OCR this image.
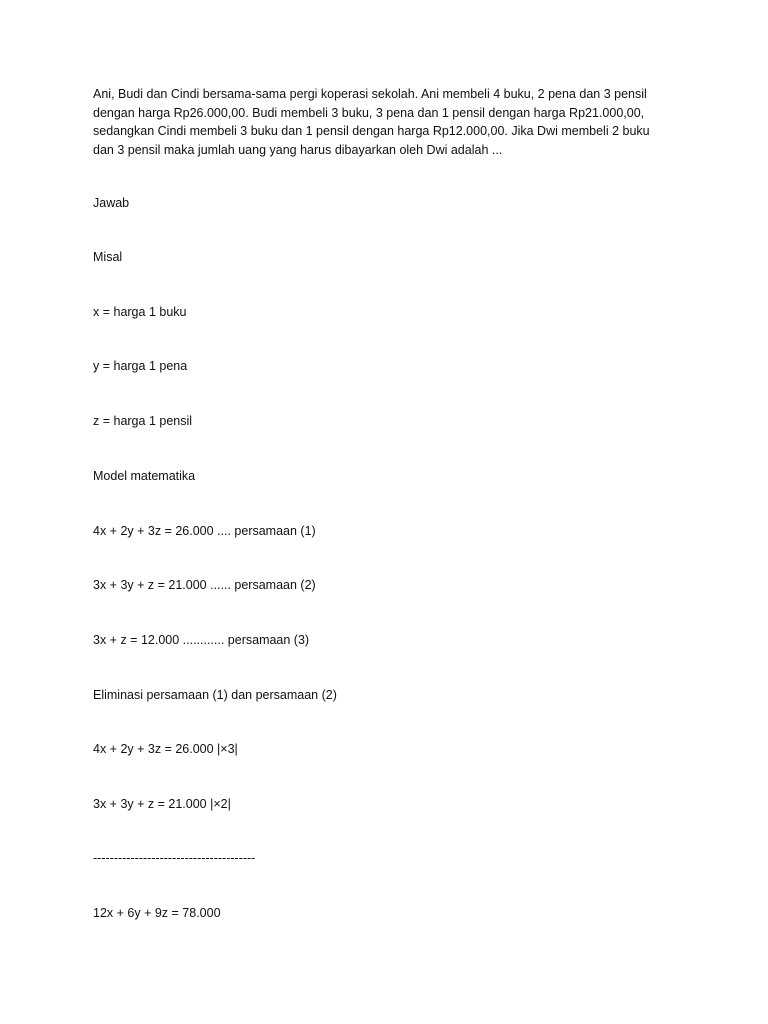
Ani, Budi dan Cindi bersama-sama pergi koperasi sekolah. Ani membeli 4 buku, 2 pena dan 3 pensil
dengan harga Rp26.000,00. Budi membeli 3 buku, 3 pena dan 1 pensil dengan harga Rp21.000,00,
sedangkan Cindi membeli 3 buku dan 1 pensil dengan harga Rp12.000,00. Jika Dwi membeli 2 buku
dan 3 pensil maka jumlah uang yang harus dibayarkan oleh Dwi adalah ...

Jawab

Misal

x = harga 1 buku

y = harga 1 pena

z = harga 1 pensil

Model matematika

4x + 2y + 3z = 26.000 .... persamaan (1)

3x + 3y + z = 21.000 ...... persamaan (2)

3x + z = 12.000 ............ persamaan (3)

Eliminasi persamaan (1) dan persamaan (2)

4x + 2y + 3z = 26.000 |×3|

3x + 3y + z = 21.000 |×2|

---------------------------------------

12x + 6y + 9z = 78.000
